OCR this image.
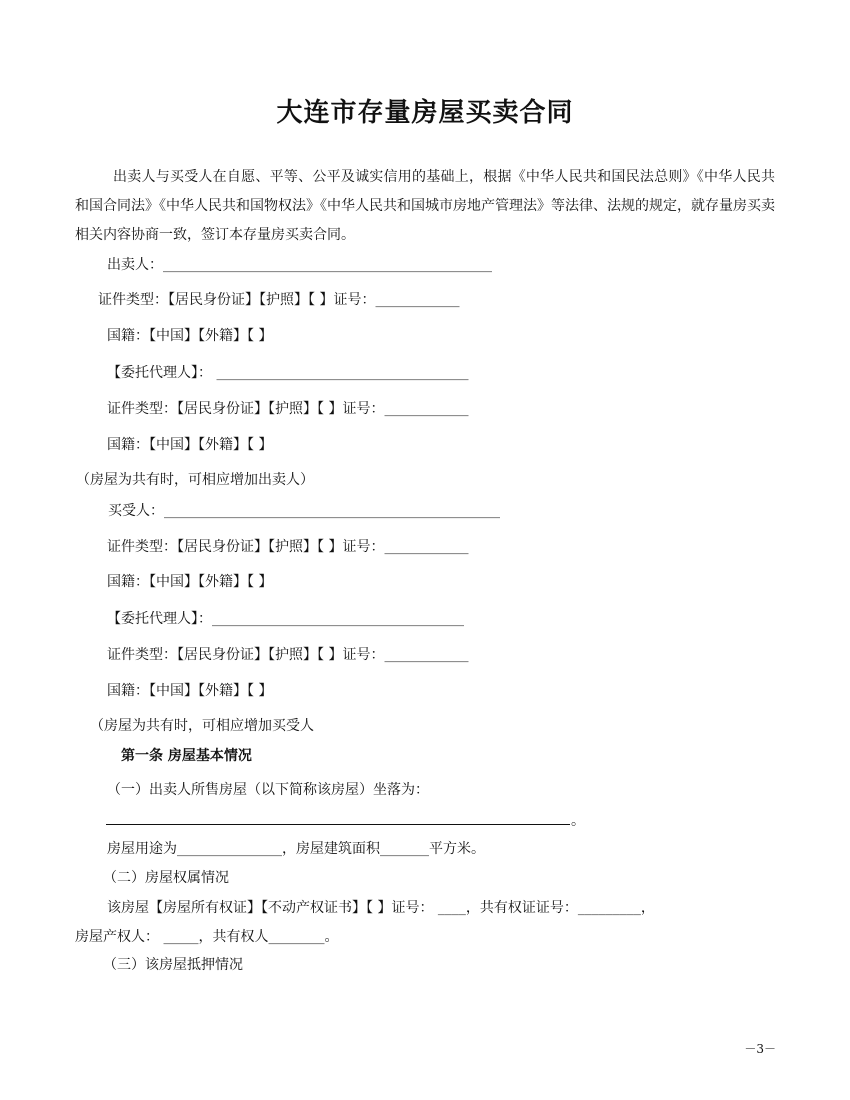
大连市存量房屋买卖合同
出卖人与买受人在自愿、平等、公平及诚实信用的基础上，根据《中华人民共和国民法总则》《中华人民共和国合同法》《中华人民共和国物权法》《中华人民共和国城市房地产管理法》等法律、法规的规定，就存量房买卖相关内容协商一致，签订本存量房买卖合同。
出卖人：_______________________________________________
证件类型：【居民身份证】【护照】【 】证号：____________
国籍：【中国】【外籍】【 】
【委托代理人】： ____________________________________
证件类型：【居民身份证】【护照】【 】证号：____________
国籍：【中国】【外籍】【 】
（房屋为共有时，可相应增加出卖人）
买受人：________________________________________________
证件类型：【居民身份证】【护照】【 】证号：____________
国籍：【中国】【外籍】【 】
【委托代理人】：____________________________________
证件类型：【居民身份证】【护照】【 】证号：____________
国籍：【中国】【外籍】【 】
（房屋为共有时，可相应增加买受人
第一条 房屋基本情况
（一）出卖人所售房屋（以下简称该房屋）坐落为：
。
房屋用途为_______________，房屋建筑面积_______平方米。
（二）房屋权属情况
该房屋【房屋所有权证】【不动产权证书】【 】证号： ____，共有权证证号：_________，
房屋产权人： _____，共有权人________。
（三）该房屋抵押情况
－3－
